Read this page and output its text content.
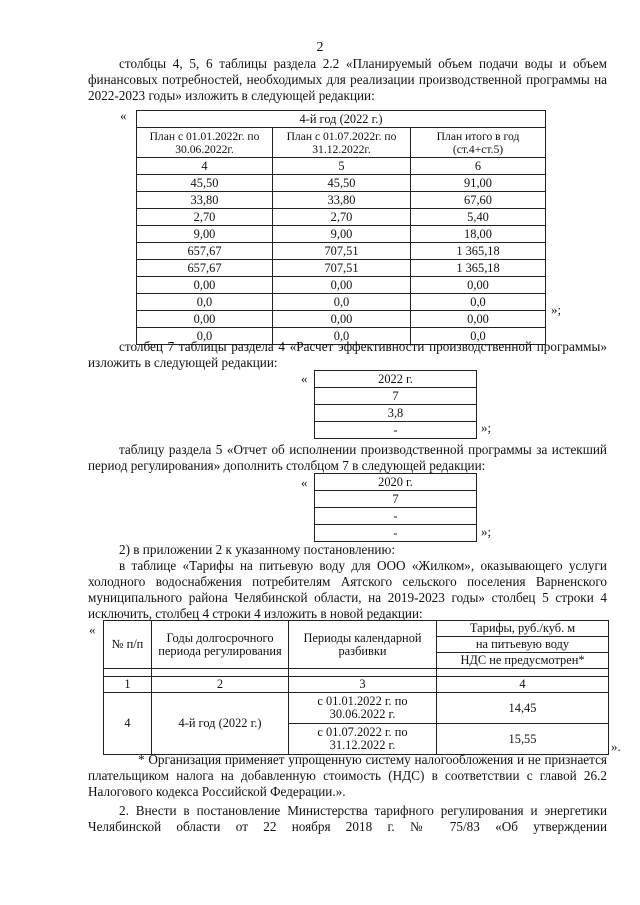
2
столбцы 4, 5, 6 таблицы раздела 2.2 «Планируемый объем подачи воды и объем финансовых потребностей, необходимых для реализации производственной программы на 2022-2023 годы» изложить в следующей редакции:
«	4-й год (2022 г.)		
План с 01.01.2022г. по 30.06.2022г.	План с 01.07.2022г. по 31.12.2022г.	План итого в год (ст.4+ст.5)
4	5	6
45,50	45,50	91,00
33,80	33,80	67,60
2,70	2,70	5,40
9,00	9,00	18,00
657,67	707,51	1 365,18
657,67	707,51	1 365,18
0,00	0,00	0,00
0,0	0,0	0,0
0,00	0,00	0,00
0,0	0,0	0,0
»;
столбец 7 таблицы раздела 4 «Расчет эффективности производственной программы» изложить в следующей редакции:
«	2022 г.
7
3,8
-	»;
таблицу раздела 5 «Отчет об исполнении производственной программы за истекший период регулирования» дополнить столбцом 7 в следующей редакции:
«	2020 г.
7
-
-	»;
2) в приложении 2 к указанному постановлению:
в таблице «Тарифы на питьевую воду для ООО «Жилком», оказывающего услуги холодного водоснабжения потребителям Аятского сельского поселения Варненского муниципального района Челябинской области, на 2019-2023 годы» столбец 5 строки 4 исключить, столбец 4 строки 4 изложить в новой редакции:
«
№ п/п	Годы долгосрочного периода регулирования	Периоды календарной разбивки	Тарифы, руб./куб. м
			на питьевую воду
			НДС не предусмотрен*

1	2	3	4
4	4-й год (2022 г.)	с 01.01.2022 г. по 30.06.2022 г.	14,45
		с 01.07.2022 г. по 31.12.2022 г.	15,55
* Организация применяет упрощенную систему налогообложения и не признается плательщиком налога на добавленную стоимость (НДС) в соответствии с главой 26.2 Налогового кодекса Российской Федерации.».
2. Внести в постановление Министерства тарифного регулирования и энергетики Челябинской области от 22 ноября 2018 г. № 75/83 «Об утверждении
».
